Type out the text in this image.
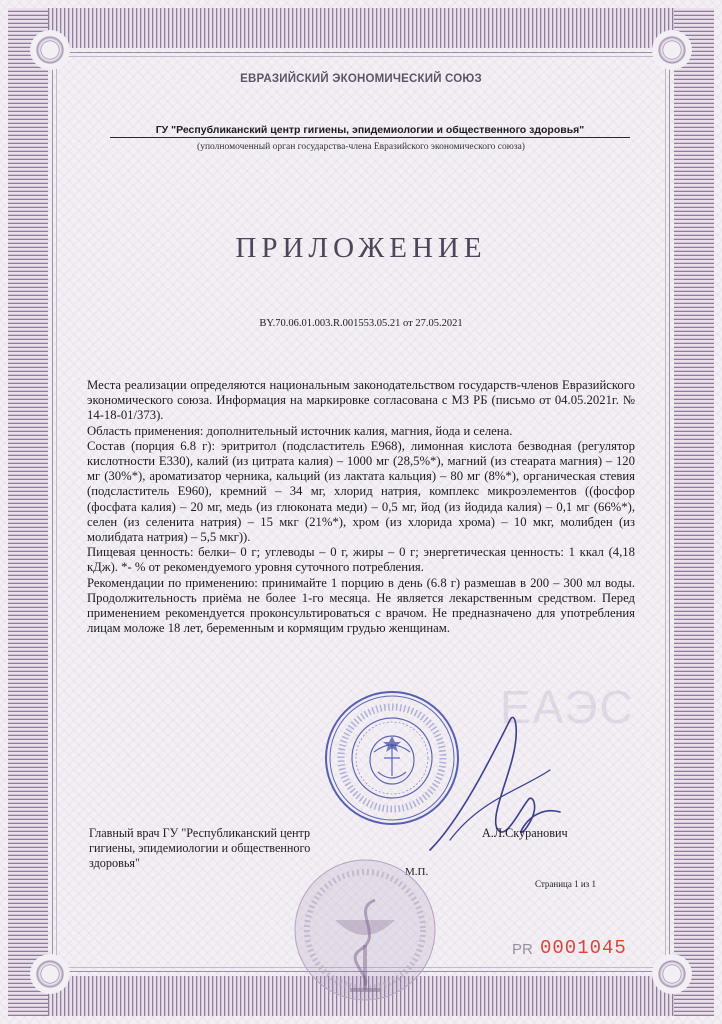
ЕАЭС
ЕВРАЗИЙСКИЙ ЭКОНОМИЧЕСКИЙ СОЮЗ
ГУ "Республиканский центр гигиены, эпидемиологии и общественного здоровья"
(уполномоченный орган государства-члена Евразийского экономического союза)
ПРИЛОЖЕНИЕ
BY.70.06.01.003.R.001553.05.21 от 27.05.2021

Места реализации определяются национальным законодательством государств-членов Евразийского экономического союза. Информация на маркировке согласована с МЗ РБ (письмо от 04.05.2021г. № 14-18-01/373).

Область применения: дополнительный источник калия, магния, йода и селена.

Состав (порция 6.8 г): эритритол (подсластитель Е968), лимонная кислота безводная (регулятор кислотности Е330), калий (из цитрата калия) – 1000 мг (28,5%*), магний (из стеарата магния) – 120 мг (30%*), ароматизатор черника, кальций (из лактата кальция) – 80 мг (8%*), органическая стевия (подсластитель Е960), кремний – 34 мг, хлорид натрия, комплекс микроэлементов ((фосфор (фосфата калия) – 20 мг, медь (из глюконата меди) – 0,5 мг, йод (из йодида калия) – 0,1 мг (66%*), селен (из селенита натрия) – 15 мкг (21%*), хром (из хлорида хрома) – 10 мкг, молибден (из молибдата натрия) – 5,5 мкг)).

Пищевая ценность: белки– 0 г; углеводы – 0 г, жиры – 0 г; энергетическая ценность: 1 ккал (4,18 кДж). *- % от рекомендуемого уровня суточного потребления.

Рекомендации по применению: принимайте 1 порцию в день (6.8 г) размешав в 200 – 300 мл воды. Продолжительность приёма не более 1-го месяца. Не является лекарственным средством. Перед применением рекомендуется проконсультироваться с врачом. Не предназначено для употребления лицам моложе 18 лет, беременным и кормящим грудью женщинам.

Главный врач ГУ "Республиканский центр гигиены, эпидемиологии и общественного здоровья"
А.Л.Скуранович
М.П.
Страница 1 из 1
PR 0001045
